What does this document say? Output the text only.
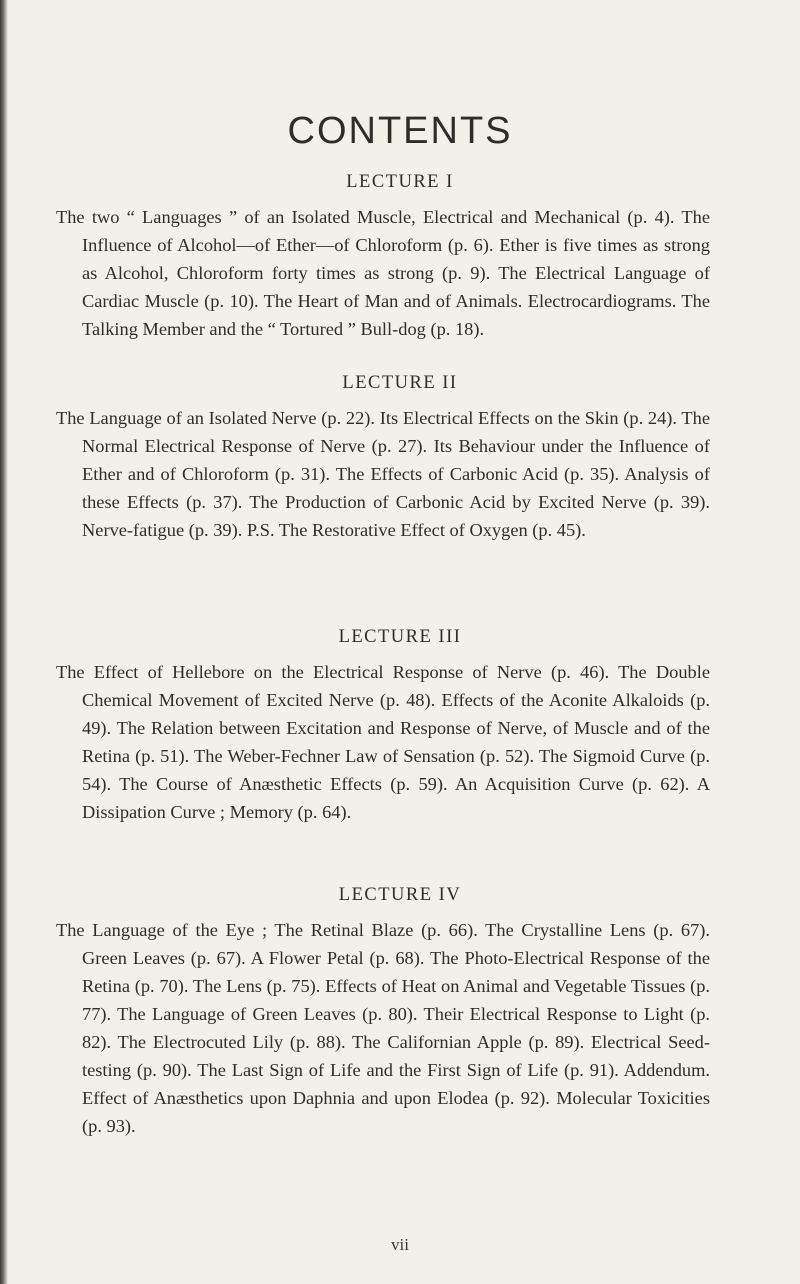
CONTENTS
LECTURE I

The two “ Languages ” of an Isolated Muscle, Electrical and Mechanical (p. 4). The Influence of Alcohol—of Ether—of Chloroform (p. 6). Ether is five times as strong as Alcohol, Chloroform forty times as strong (p. 9). The Electrical Language of Cardiac Muscle (p. 10). The Heart of Man and of Animals. Electrocardiograms. The Talking Member and the “ Tortured ” Bull-dog (p. 18).

LECTURE II

The Language of an Isolated Nerve (p. 22). Its Electrical Effects on the Skin (p. 24). The Normal Electrical Response of Nerve (p. 27). Its Behaviour under the Influence of Ether and of Chloroform (p. 31). The Effects of Carbonic Acid (p. 35). Analysis of these Effects (p. 37). The Production of Carbonic Acid by Excited Nerve (p. 39). Nerve-fatigue (p. 39). P.S. The Restorative Effect of Oxygen (p. 45).

LECTURE III

The Effect of Hellebore on the Electrical Response of Nerve (p. 46). The Double Chemical Movement of Excited Nerve (p. 48). Effects of the Aconite Alkaloids (p. 49). The Relation between Excitation and Response of Nerve, of Muscle and of the Retina (p. 51). The Weber-Fechner Law of Sensation (p. 52). The Sigmoid Curve (p. 54). The Course of Anæsthetic Effects (p. 59). An Acquisition Curve (p. 62). A Dissipation Curve ; Memory (p. 64).

LECTURE IV

The Language of the Eye ; The Retinal Blaze (p. 66). The Crystalline Lens (p. 67). Green Leaves (p. 67). A Flower Petal (p. 68). The Photo-Electrical Response of the Retina (p. 70). The Lens (p. 75). Effects of Heat on Animal and Vegetable Tissues (p. 77). The Language of Green Leaves (p. 80). Their Electrical Response to Light (p. 82). The Electrocuted Lily (p. 88). The Californian Apple (p. 89). Electrical Seed-testing (p. 90). The Last Sign of Life and the First Sign of Life (p. 91). Addendum. Effect of Anæsthetics upon Daphnia and upon Elodea (p. 92). Molecular Toxicities (p. 93).

vii
